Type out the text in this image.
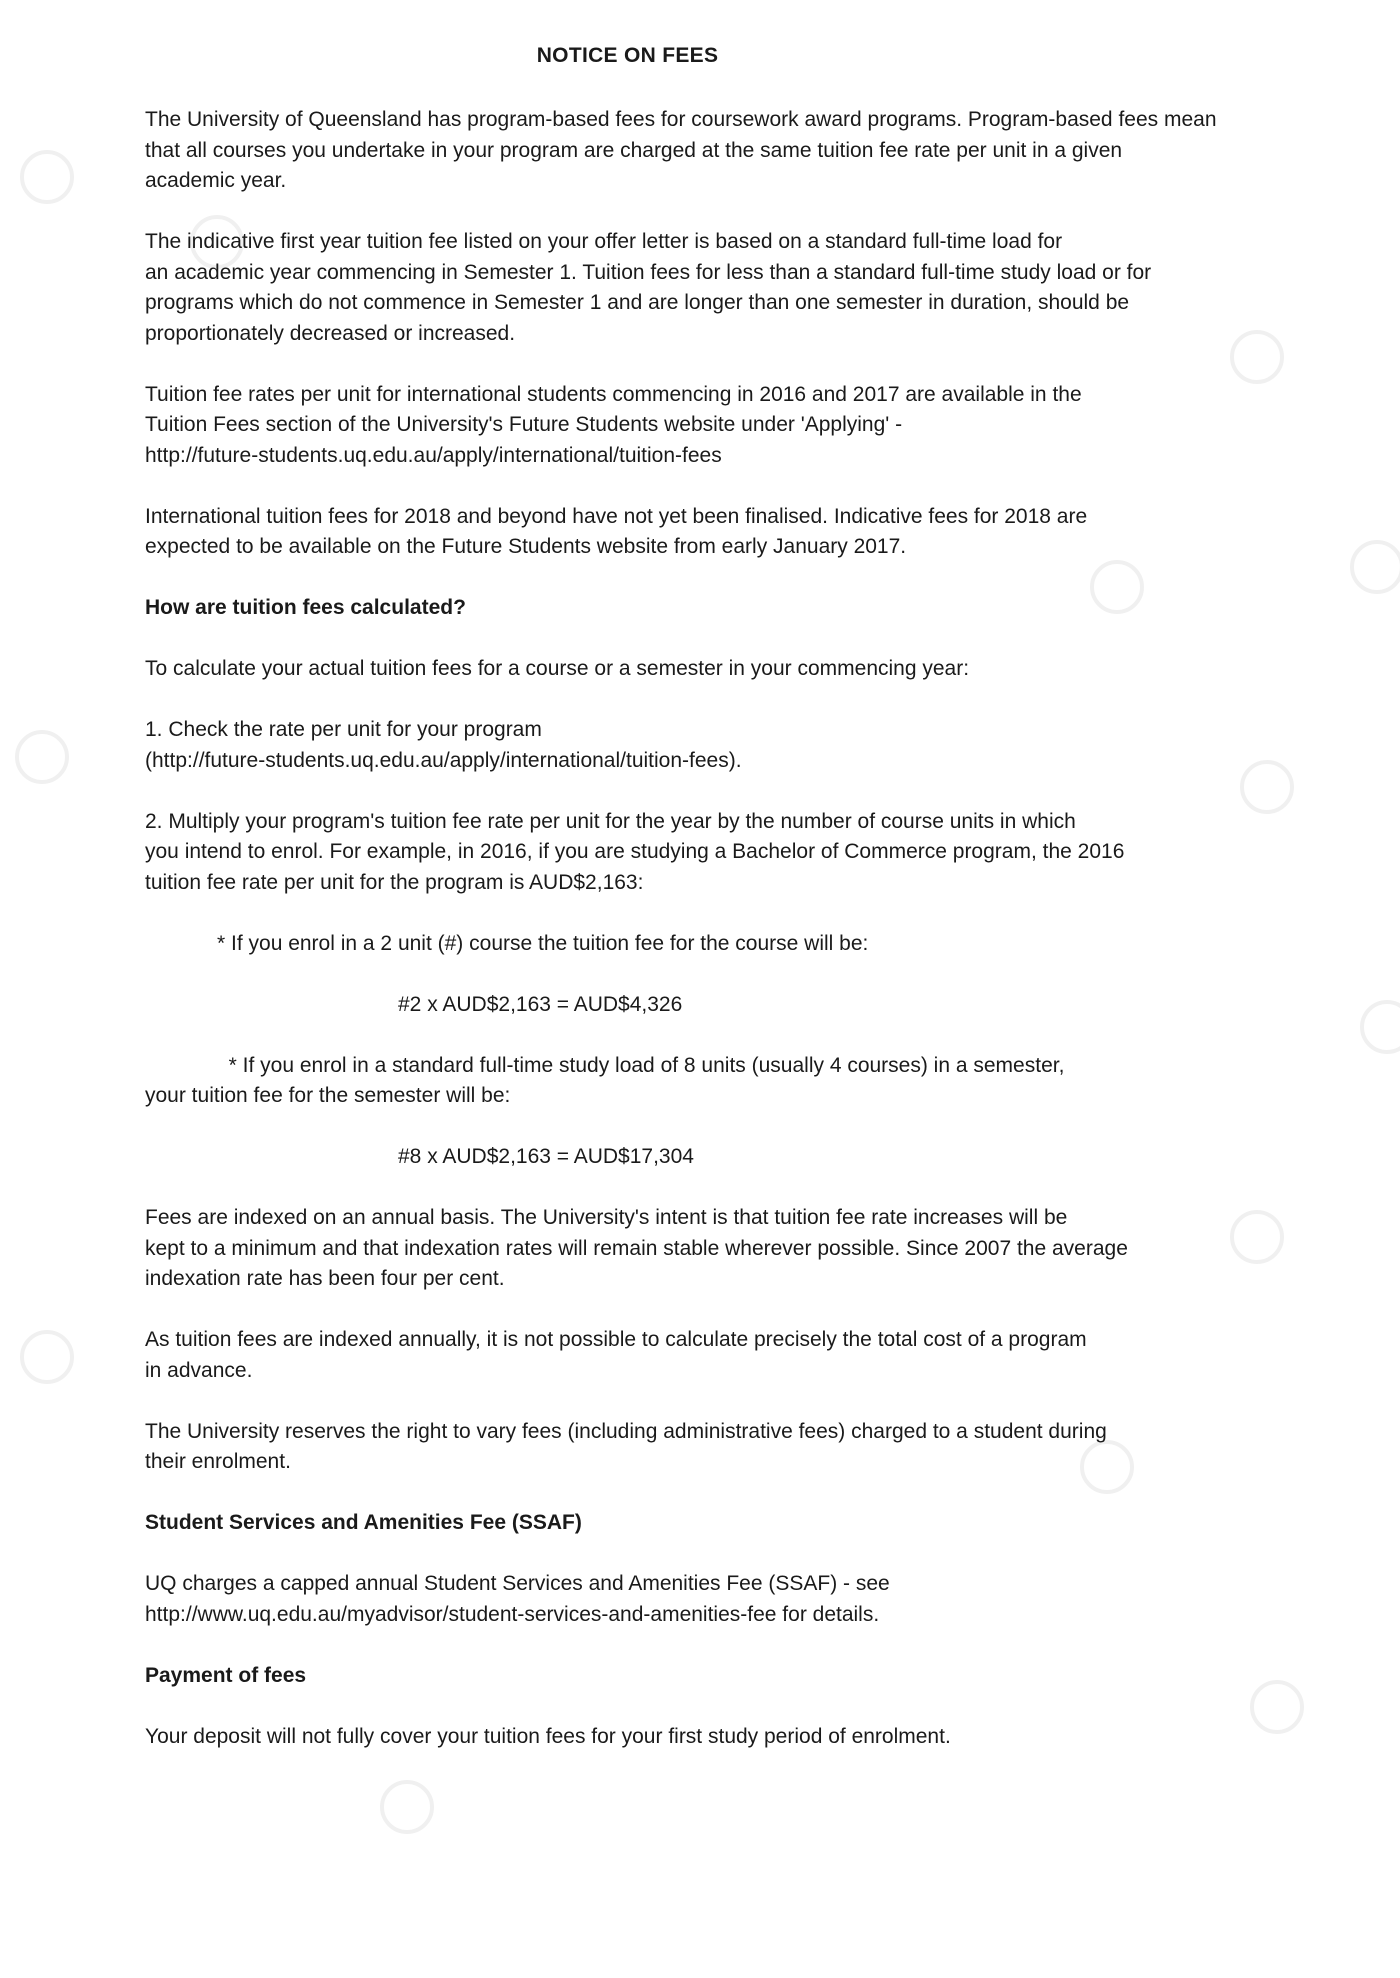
NOTICE ON FEES

The University of Queensland has program-based fees for coursework award programs. Program-based fees mean
that all courses you undertake in your program are charged at the same tuition fee rate per unit in a given
academic year.

The indicative first year tuition fee listed on your offer letter is based on a standard full-time load for
an academic year commencing in Semester 1. Tuition fees for less than a standard full-time study load or for
programs which do not commence in Semester 1 and are longer than one semester in duration, should be
proportionately decreased or increased.

Tuition fee rates per unit for international students commencing in 2016 and 2017 are available in the
Tuition Fees section of the University's Future Students website under 'Applying' -
http://future-students.uq.edu.au/apply/international/tuition-fees

International tuition fees for 2018 and beyond have not yet been finalised. Indicative fees for 2018 are
expected to be available on the Future Students website from early January 2017.

How are tuition fees calculated?

To calculate your actual tuition fees for a course or a semester in your commencing year:

1. Check the rate per unit for your program
(http://future-students.uq.edu.au/apply/international/tuition-fees).

2. Multiply your program's tuition fee rate per unit for the year by the number of course units in which
you intend to enrol. For example, in 2016, if you are studying a Bachelor of Commerce program, the 2016
tuition fee rate per unit for the program is AUD$2,163:

* If you enrol in a 2 unit (#) course the tuition fee for the course will be:

#2 x AUD$2,163 = AUD$4,326

* If you enrol in a standard full-time study load of 8 units (usually 4 courses) in a semester,
your tuition fee for the semester will be:

#8 x AUD$2,163 = AUD$17,304

Fees are indexed on an annual basis. The University's intent is that tuition fee rate increases will be
kept to a minimum and that indexation rates will remain stable wherever possible. Since 2007 the average
indexation rate has been four per cent.

As tuition fees are indexed annually, it is not possible to calculate precisely the total cost of a program
in advance.

The University reserves the right to vary fees (including administrative fees) charged to a student during
their enrolment.

Student Services and Amenities Fee (SSAF)

UQ charges a capped annual Student Services and Amenities Fee (SSAF) - see
http://www.uq.edu.au/myadvisor/student-services-and-amenities-fee for details.

Payment of fees

Your deposit will not fully cover your tuition fees for your first study period of enrolment.
